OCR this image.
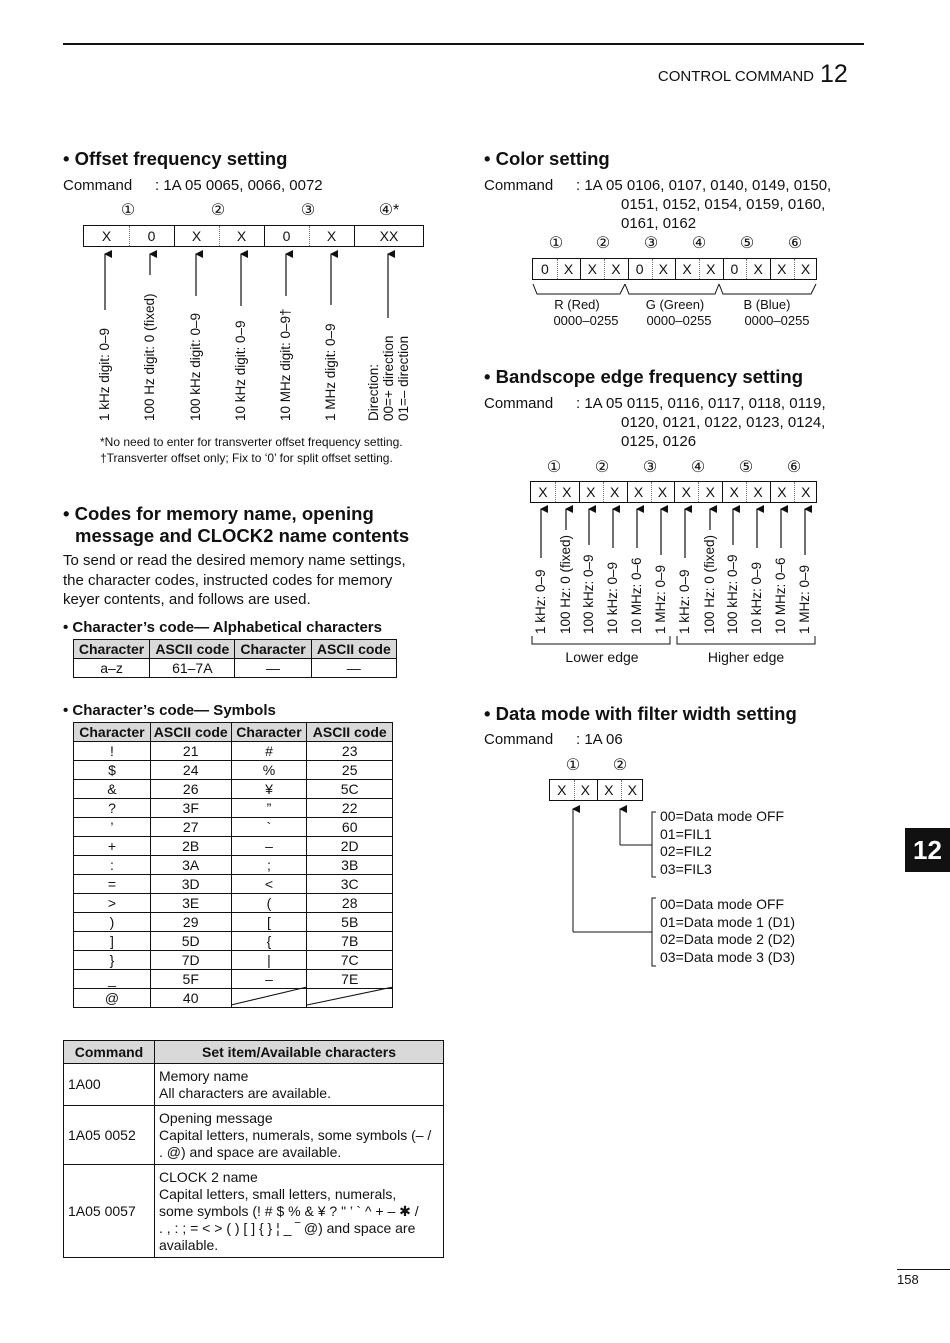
CONTROL COMMAND 12
• Offset frequency setting
Command : 1A 05 0065, 0066, 0072
①	②	③	④*
X	0	X	X	0	X	XX
1 kHz digit: 0–9 100 Hz digit: 0 (fixed) 100 kHz digit: 0–9 10 kHz digit: 0–9 10 MHz digit: 0–9† 1 MHz digit: 0–9 Direction: 00=+ direction 01=– direction
*No need to enter for transverter offset frequency setting.
†Transverter offset only; Fix to ‘0’ for split offset setting.
• Codes for memory name, opening
message and CLOCK2 name contents
To send or read the desired memory name settings,
the character codes, instructed codes for memory
keyer contents, and follows are used.
• Character’s code— Alphabetical characters
Character	ASCII code	Character	ASCII code
a–z	61–7A	—	—
• Character’s code— Symbols
Character	ASCII code	Character	ASCII code
!	21	#	23
$	24	%	25
&	26	¥	5C
?	3F	”	22
’	27	`	60
+	2B	–	2D
:	3A	;	3B
=	3D	<	3C
>	3E	(	28
)	29	[	5B
]	5D	{	7B
}	7D	|	7C
_	5F	–	7E
@	40		
Command	Set item/Available characters
1A00	Memory name
All characters are available.

1A05 0052	Opening message
Capital letters, numerals, some symbols (– /
. @) and space are available.

1A05 0057	CLOCK 2 name
Capital letters, small letters, numerals,
some symbols (! # $ % & ¥ ? " ’ ` ^ + – ✱ /
. , : ; = < > ( ) [ ] { } ¦ _ ‾ @) and space are
available.
• Color setting
Command : 1A 05 0106, 0107, 0140, 0149, 0150,
0151, 0152, 0154, 0159, 0160,
0161, 0162
① ② ③ ④ ⑤ ⑥
0	X	X	X	0	X	X	X	0	X	X	X
R (Red)
0000–0255
G (Green)
0000–0255
B (Blue)
0000–0255
• Bandscope edge frequency setting
Command : 1A 05 0115, 0116, 0117, 0118, 0119,
0120, 0121, 0122, 0123, 0124,
0125, 0126
① ② ③ ④ ⑤ ⑥
X	X	X	X	X	X	X	X	X	X	X	X
1 kHz: 0–9 100 Hz: 0 (fixed) 100 kHz: 0–9 10 kHz: 0–9 10 MHz: 0–6 1 MHz: 0–9 1 kHz: 0–9 100 Hz: 0 (fixed) 100 kHz: 0–9 10 kHz: 0–9 10 MHz: 0–6 1 MHz: 0–9
Lower edge	Higher edge
• Data mode with filter width setting
Command : 1A 06
① ②
X	X	X	X
00=Data mode OFF
01=FIL1
02=FIL2
03=FIL3
00=Data mode OFF
01=Data mode 1 (D1)
02=Data mode 2 (D2)
03=Data mode 3 (D3)
12
158
